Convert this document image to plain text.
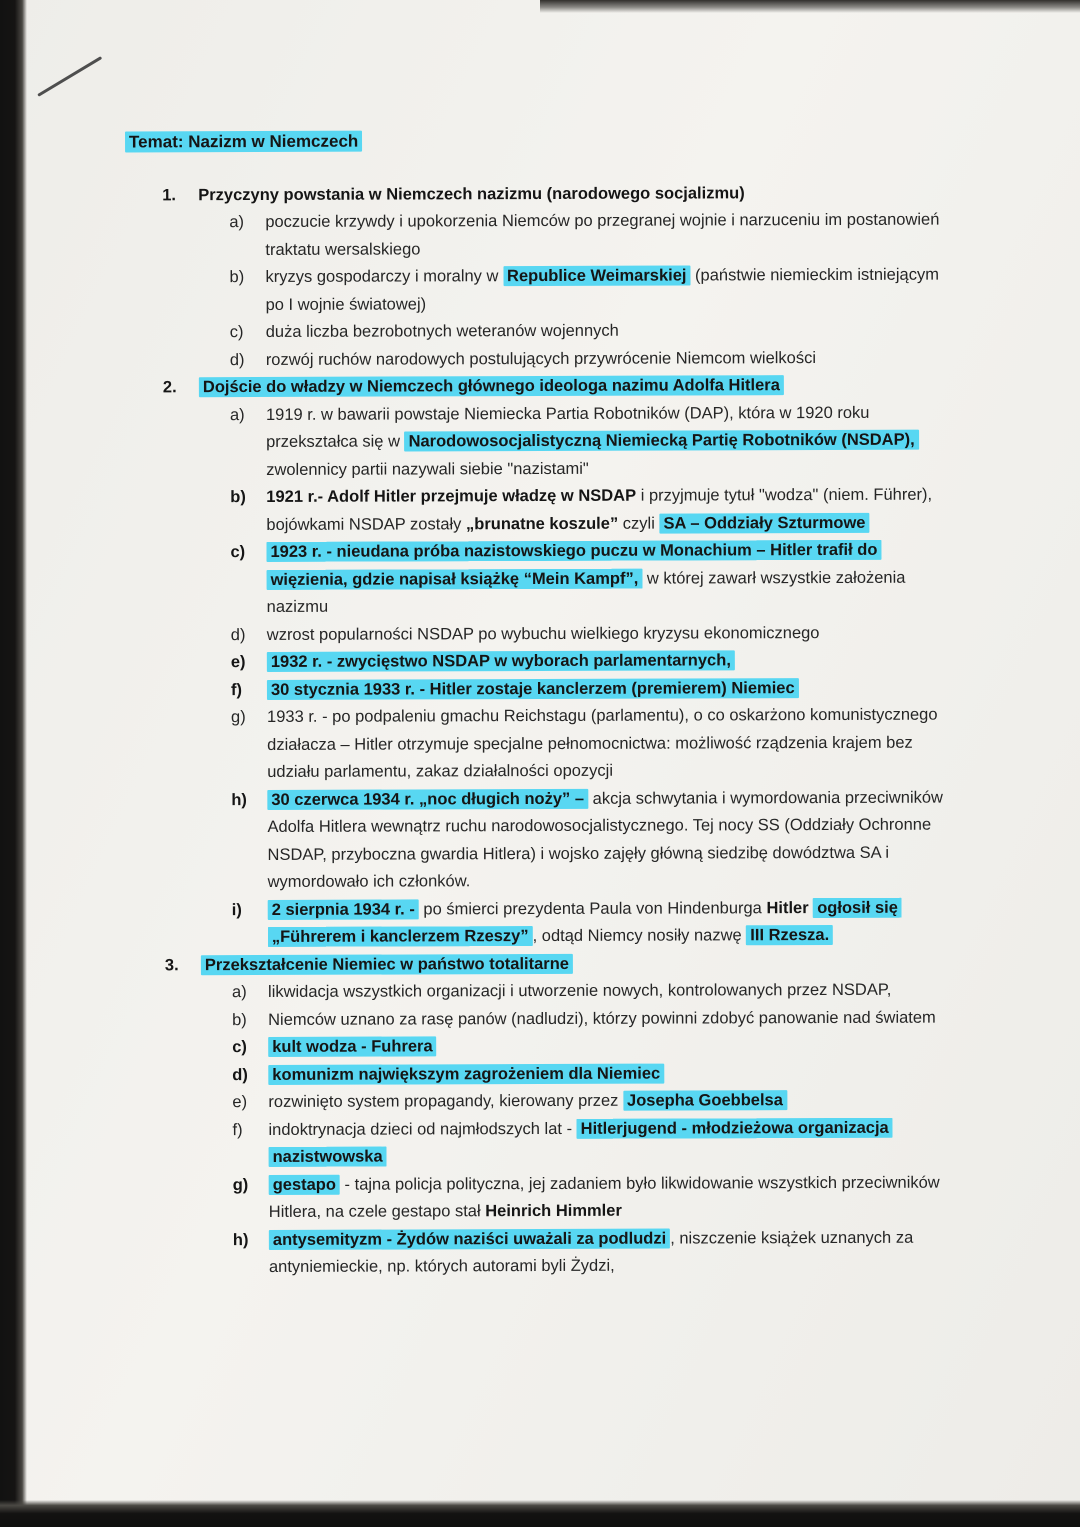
Temat: Nazizm w Niemczech
1.	Przyczyny powstania w Niemczech nazizmu (narodowego socjalizmu)
a)	poczucie krzywdy i upokorzenia Niemców po przegranej wojnie i narzuceniu im postanowień traktatu wersalskiego
b)	kryzys gospodarczy i moralny w Republice Weimarskiej (państwie niemieckim istniejącym po I wojnie światowej)
c)	duża liczba bezrobotnych weteranów wojennych
d)	rozwój ruchów narodowych postulujących przywrócenie Niemcom wielkości
2.	Dojście do władzy w Niemczech głównego ideologa nazimu Adolfa Hitlera
a)	1919 r. w bawarii powstaje Niemiecka Partia Robotników (DAP), która w 1920 roku przekształca się w Narodowosocjalistyczną Niemiecką Partię Robotników (NSDAP), zwolennicy partii nazywali siebie "nazistami"
b)	1921 r.- Adolf Hitler przejmuje władzę w NSDAP i przyjmuje tytuł "wodza" (niem. Führer), bojówkami NSDAP zostały „brunatne koszule” czyli SA – Oddziały Szturmowe
c)	1923 r. - nieudana próba nazistowskiego puczu w Monachium – Hitler trafił do więzienia, gdzie napisał książkę “Mein Kampf”, w której zawarł wszystkie założenia nazizmu
d)	wzrost popularności NSDAP po wybuchu wielkiego kryzysu ekonomicznego
e)	1932 r. - zwycięstwo NSDAP w wyborach parlamentarnych,
f)	30 stycznia 1933 r. - Hitler zostaje kanclerzem (premierem) Niemiec
g)	1933 r. - po podpaleniu gmachu Reichstagu (parlamentu), o co oskarżono komunistycznego działacza – Hitler otrzymuje specjalne pełnomocnictwa: możliwość rządzenia krajem bez udziału parlamentu, zakaz działalności opozycji
h)	30 czerwca 1934 r. „noc długich noży” – akcja schwytania i wymordowania przeciwników Adolfa Hitlera wewnątrz ruchu narodowosocjalistycznego. Tej nocy SS (Oddziały Ochronne NSDAP, przyboczna gwardia Hitlera) i wojsko zajęły główną siedzibę dowództwa SA i wymordowało ich członków.
i)	2 sierpnia 1934 r. - po śmierci prezydenta Paula von Hindenburga Hitler ogłosił się „Führerem i kanclerzem Rzeszy” , odtąd Niemcy nosiły nazwę III Rzesza.
3.	Przekształcenie Niemiec w państwo totalitarne
a)	likwidacja wszystkich organizacji i utworzenie nowych, kontrolowanych przez NSDAP,
b)	Niemców uznano za rasę panów (nadludzi), którzy powinni zdobyć panowanie nad światem
c)	kult wodza - Fuhrera
d)	komunizm największym zagrożeniem dla Niemiec
e)	rozwinięto system propagandy, kierowany przez Josepha Goebbelsa
f)	indoktrynacja dzieci od najmłodszych lat - Hitlerjugend - młodzieżowa organizacja nazistwowska
g)	gestapo - tajna policja polityczna, jej zadaniem było likwidowanie wszystkich przeciwników Hitlera, na czele gestapo stał Heinrich Himmler
h)	antysemityzm - Żydów naziści uważali za podludzi , niszczenie książek uznanych za antyniemieckie, np. których autorami byli Żydzi,
